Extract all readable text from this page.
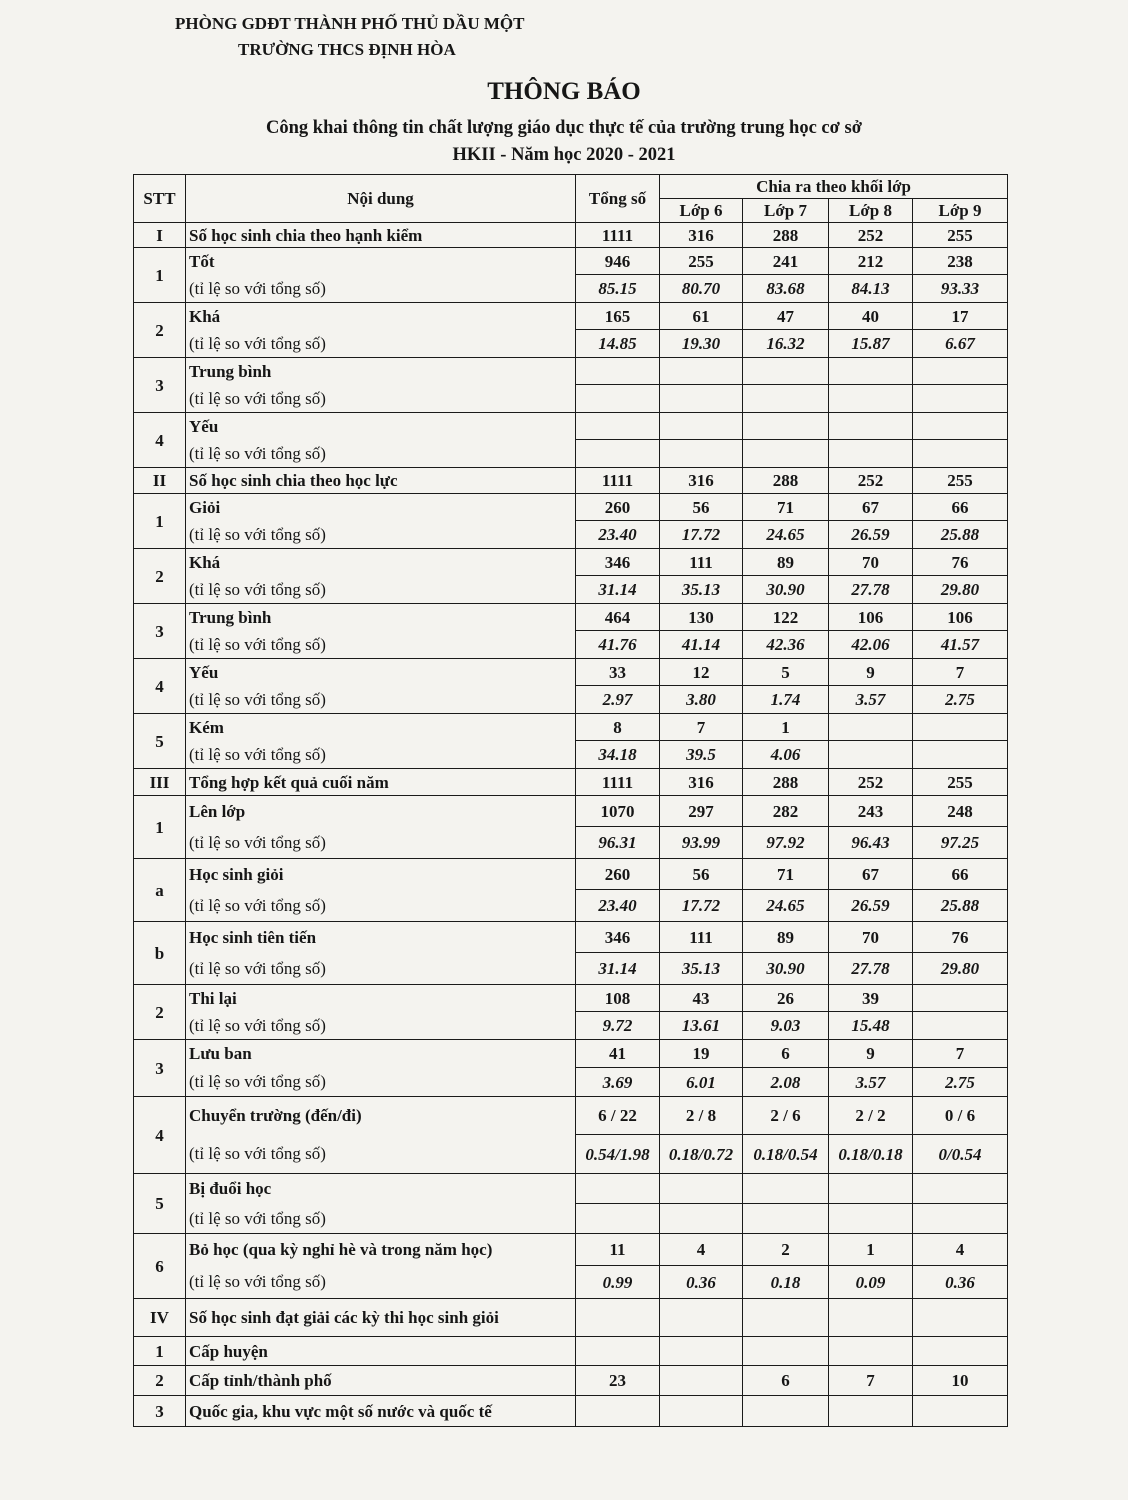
PHÒNG GDĐT THÀNH PHỐ THỦ DẦU MỘT
TRƯỜNG THCS ĐỊNH HÒA
THÔNG BÁO
Công khai thông tin chất lượng giáo dục thực tế của trường trung học cơ sở
HKII - Năm học 2020 - 2021
STT	Nội dung	Tổng số	Chia ra theo khối lớp			
			Lớp 6	Lớp 7	Lớp 8	Lớp 9
I	Số học sinh chia theo hạnh kiểm	1111	316	288	252	255
1	Tốt	946	255	241	212	238
	(tỉ lệ so với tổng số)	85.15	80.70	83.68	84.13	93.33
2	Khá	165	61	47	40	17
	(tỉ lệ so với tổng số)	14.85	19.30	16.32	15.87	6.67
3	Trung bình					
	(tỉ lệ so với tổng số)					
4	Yếu					
	(tỉ lệ so với tổng số)					
II	Số học sinh chia theo học lực	1111	316	288	252	255
1	Giỏi	260	56	71	67	66
	(tỉ lệ so với tổng số)	23.40	17.72	24.65	26.59	25.88
2	Khá	346	111	89	70	76
	(tỉ lệ so với tổng số)	31.14	35.13	30.90	27.78	29.80
3	Trung bình	464	130	122	106	106
	(tỉ lệ so với tổng số)	41.76	41.14	42.36	42.06	41.57
4	Yếu	33	12	5	9	7
	(tỉ lệ so với tổng số)	2.97	3.80	1.74	3.57	2.75
5	Kém	8	7	1		
	(tỉ lệ so với tổng số)	34.18	39.5	4.06		
III	Tổng hợp kết quả cuối năm	1111	316	288	252	255
1	Lên lớp	1070	297	282	243	248
	(tỉ lệ so với tổng số)	96.31	93.99	97.92	96.43	97.25
a	Học sinh giỏi	260	56	71	67	66
	(tỉ lệ so với tổng số)	23.40	17.72	24.65	26.59	25.88
b	Học sinh tiên tiến	346	111	89	70	76
	(tỉ lệ so với tổng số)	31.14	35.13	30.90	27.78	29.80
2	Thi lại	108	43	26	39	
	(tỉ lệ so với tổng số)	9.72	13.61	9.03	15.48	
3	Lưu ban	41	19	6	9	7
	(tỉ lệ so với tổng số)	3.69	6.01	2.08	3.57	2.75
4	Chuyển trường (đến/đi)	6 / 22	2 / 8	2 / 6	2 / 2	0 / 6
	(tỉ lệ so với tổng số)	0.54/1.98	0.18/0.72	0.18/0.54	0.18/0.18	0/0.54
5	Bị đuổi học					
	(tỉ lệ so với tổng số)					
6	Bỏ học (qua kỳ nghỉ hè và trong năm học)	11	4	2	1	4
	(tỉ lệ so với tổng số)	0.99	0.36	0.18	0.09	0.36
IV	Số học sinh đạt giải các kỳ thi học sinh giỏi					
1	Cấp huyện					
2	Cấp tỉnh/thành phố	23		6	7	10
3	Quốc gia, khu vực một số nước và quốc tế					
